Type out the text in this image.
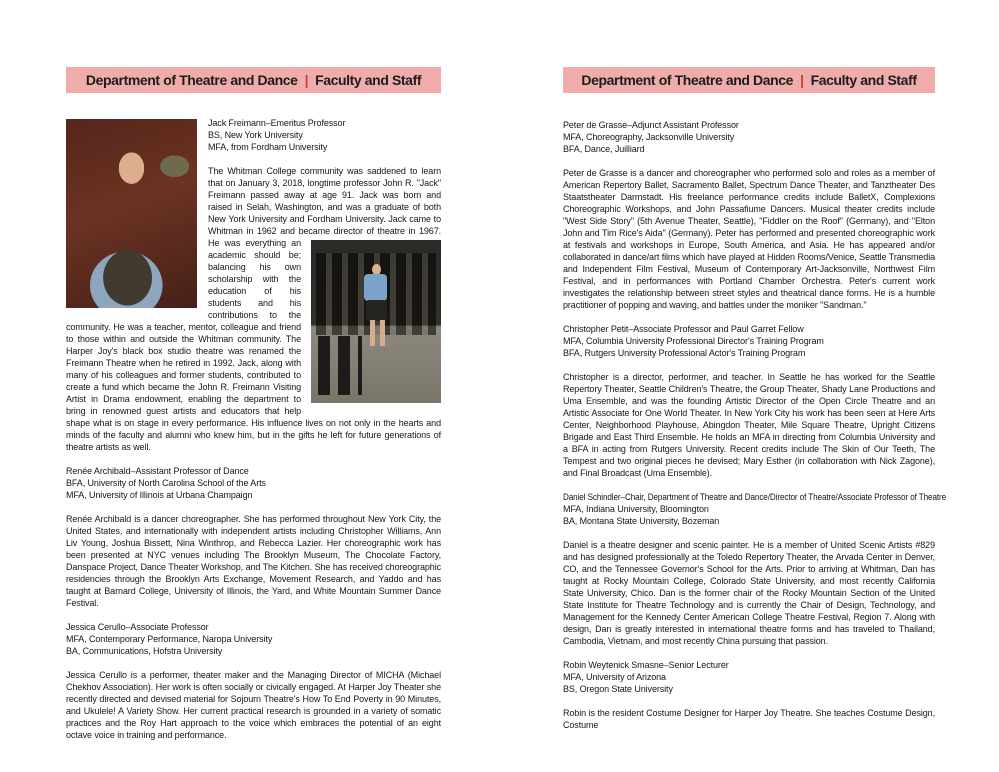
Department of Theatre and Dance | Faculty and Staff
Jack Freimann–Emeritus Professor
BS, New York University
MFA, from Fordham University

The Whitman College community was saddened to learn that on January 3, 2018, longtime professor John R. "Jack" Freimann passed away at age 91. Jack was born and raised in Selah, Washington, and was a graduate of both New York University and Fordham University. Jack came to Whitman in 1962 and became director of theatre in 1967. He was everything an academic should be; balancing his own scholarship with the education of his students and his contributions to the community. He was a teacher, mentor, colleague and friend to those within and outside the Whitman community. The Harper Joy's black box studio theatre was renamed the Freimann Theatre when he retired in 1992. Jack, along with many of his colleagues and former students, contributed to create a fund which became the John R. Freimann Visiting Artist in Drama endowment, enabling the department to bring in renowned guest artists and educators that help shape what is on stage in every performance. His influence lives on not only in the hearts and minds of the faculty and alumni who knew him, but in the gifts he left for future generations of theatre artists as well.

Renée Archibald–Assistant Professor of Dance
BFA, University of North Carolina School of the Arts
MFA, University of Illinois at Urbana Champaign

Renée Archibald is a dancer choreographer. She has performed throughout New York City, the United States, and internationally with independent artists including Christopher Williams, Ann Liv Young, Joshua Bissett, Nina Winthrop, and Rebecca Lazier. Her choreographic work has been presented at NYC venues including The Brooklyn Museum, The Chocolate Factory, Danspace Project, Dance Theater Workshop, and The Kitchen. She has received choreographic residencies through the Brooklyn Arts Exchange, Movement Research, and Yaddo and has taught at Barnard College, University of Illinois, the Yard, and White Mountain Summer Dance Festival.

Jessica Cerullo–Associate Professor
MFA, Contemporary Performance, Naropa University
BA, Communications, Hofstra University

Jessica Cerullo is a performer, theater maker and the Managing Director of MICHA (Michael Chekhov Association). Her work is often socially or civically engaged. At Harper Joy Theater she recently directed and devised material for Sojourn Theatre's How To End Poverty in 90 Minutes, and Ukulele! A Variety Show. Her current practical research is grounded in a variety of somatic practices and the Roy Hart approach to the voice which embraces the potential of an eight octave voice in training and performance.

Department of Theatre and Dance | Faculty and Staff
Peter de Grasse–Adjunct Assistant Professor
MFA, Choreography, Jacksonville University
BFA, Dance, Juilliard

Peter de Grasse is a dancer and choreographer who performed solo and roles as a member of American Repertory Ballet, Sacramento Ballet, Spectrum Dance Theater, and Tanztheater Des Staatstheater Darmstadt. His freelance performance credits include BalletX, Complexions Choreographic Workshops, and John Passafiume Dancers. Musical theater credits include "West Side Story" (5th Avenue Theater, Seattle), "Fiddler on the Roof" (Germany), and "Elton John and Tim Rice's Aida" (Germany). Peter has performed and presented choreographic work at festivals and workshops in Europe, South America, and Asia. He has appeared and/or collaborated in dance/art films which have played at Hidden Rooms/Venice, Seattle Transmedia and Independent Film Festival, Museum of Contemporary Art-Jacksonville, Northwest Film Festival, and in performances with Portland Chamber Orchestra. Peter's current work investigates the relationship between street styles and theatrical dance forms. He is a humble practitioner of popping and waving, and battles under the moniker "Sandman."

Christopher Petit–Associate Professor and Paul Garret Fellow
MFA, Columbia University Professional Director's Training Program
BFA, Rutgers University Professional Actor's Training Program

Christopher is a director, performer, and teacher. In Seattle he has worked for the Seattle Repertory Theater, Seattle Children's Theatre, the Group Theater, Shady Lane Productions and Uma Ensemble, and was the founding Artistic Director of the Open Circle Theatre and an Artistic Associate for One World Theater. In New York City his work has been seen at Here Arts Center, Neighborhood Playhouse, Abingdon Theater, Mile Square Theatre, Upright Citizens Brigade and East Third Ensemble. He holds an MFA in directing from Columbia University and a BFA in acting from Rutgers University. Recent credits include The Skin of Our Teeth, The Tempest and two original pieces he devised; Mary Esther (in collaboration with Nick Zagone), and Final Broadcast (Uma Ensemble).

Daniel Schindler–Chair, Department of Theatre and Dance/Director of Theatre/Associate Professor of Theatre
MFA, Indiana University, Bloomington
BA, Montana State University, Bozeman

Daniel is a theatre designer and scenic painter. He is a member of United Scenic Artists #829 and has designed professionally at the Toledo Repertory Theater, the Arvada Center in Denver, CO, and the Tennessee Governor's School for the Arts. Prior to arriving at Whitman, Dan has taught at Rocky Mountain College, Colorado State University, and most recently California State University, Chico. Dan is the former chair of the Rocky Mountain Section of the United State Institute for Theatre Technology and is currently the Chair of Design, Technology, and Management for the Kennedy Center American College Theatre Festival, Region 7. Along with design, Dan is greatly interested in international theatre forms and has traveled to Thailand, Cambodia, Vietnam, and most recently China pursuing that passion.

Robin Weytenick Smasne–Senior Lecturer
MFA, University of Arizona
BS, Oregon State University

Robin is the resident Costume Designer for Harper Joy Theatre. She teaches Costume Design, Costume
